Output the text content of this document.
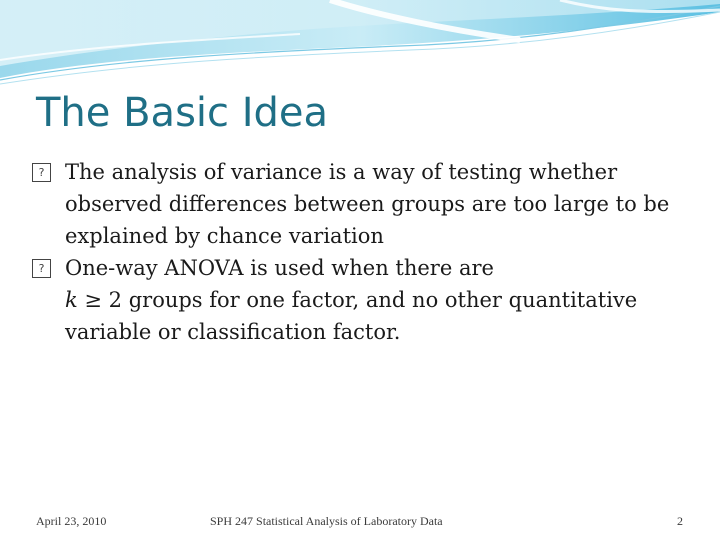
The Basic Idea
? The analysis of variance is a way of testing whether observed differences between groups are too large to be explained by chance variation
? One-way ANOVA is used when there are
k ≥ 2 groups for one factor, and no other quantitative variable or classification factor.
April 23, 2010	SPH 247 Statistical Analysis of Laboratory Data	2
